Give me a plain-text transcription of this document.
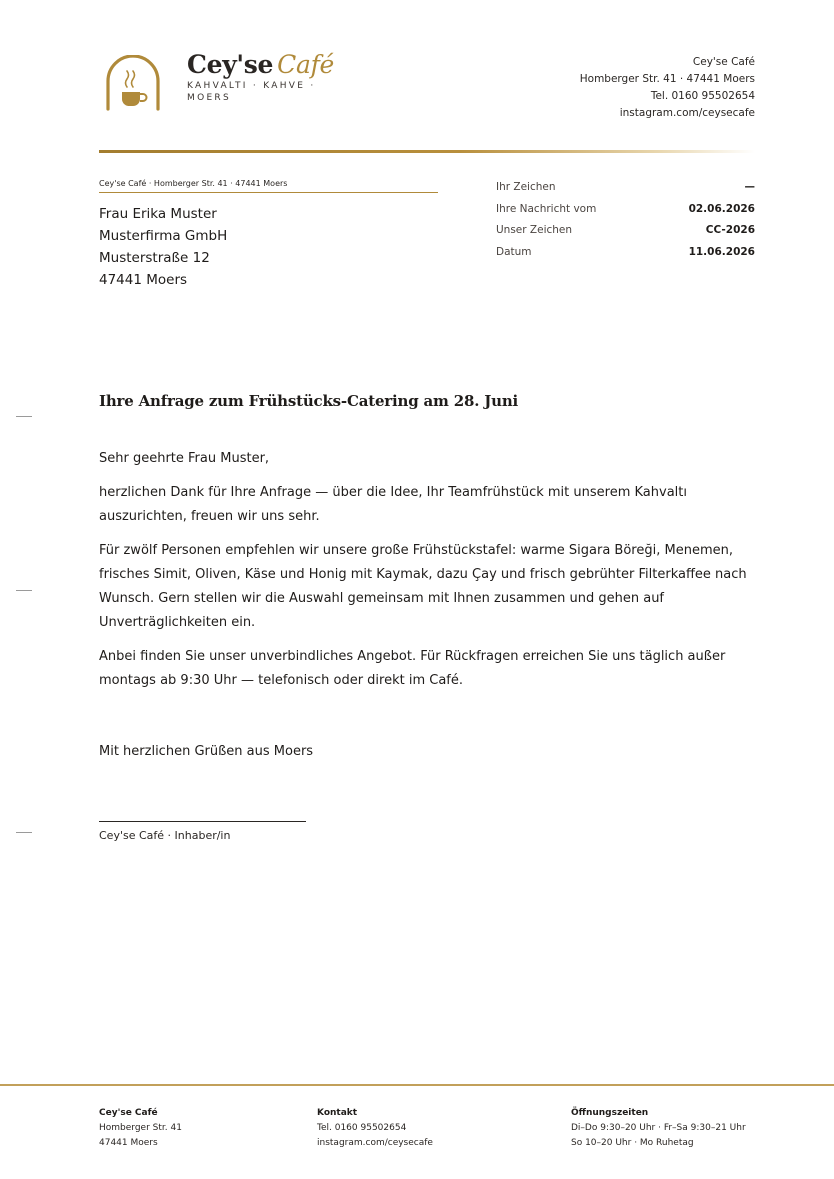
Cey'se Café
KAHVALTI · KAHVE · MOERS
Cey'se Café
Homberger Str. 41 · 47441 Moers
Tel. 0160 95502654
instagram.com/ceysecafe
Cey'se Café · Homberger Str. 41 · 47441 Moers
Frau Erika Muster
Musterfirma GmbH
Musterstraße 12
47441 Moers
Ihr Zeichen	—
Ihre Nachricht vom	02.06.2026
Unser Zeichen	CC-2026
Datum	11.06.2026
Ihre Anfrage zum Frühstücks-Catering am 28. Juni

Sehr geehrte Frau Muster,

herzlichen Dank für Ihre Anfrage — über die Idee, Ihr Teamfrühstück mit unserem Kahvaltı auszurichten, freuen wir uns sehr.

Für zwölf Personen empfehlen wir unsere große Frühstückstafel: warme Sigara Böreği, Menemen, frisches Simit, Oliven, Käse und Honig mit Kaymak, dazu Çay und frisch gebrühter Filterkaffee nach Wunsch. Gern stellen wir die Auswahl gemeinsam mit Ihnen zusammen und gehen auf Unverträglichkeiten ein.

Anbei finden Sie unser unverbindliches Angebot. Für Rückfragen erreichen Sie uns täglich außer montags ab 9:30 Uhr — telefonisch oder direkt im Café.

Mit herzlichen Grüßen aus Moers
Cey'se Café · Inhaber/in
Cey'se Café
Homberger Str. 41
47441 Moers
Kontakt
Tel. 0160 95502654
instagram.com/ceysecafe
Öffnungszeiten
Di–Do 9:30–20 Uhr · Fr–Sa 9:30–21 Uhr
So 10–20 Uhr · Mo Ruhetag
